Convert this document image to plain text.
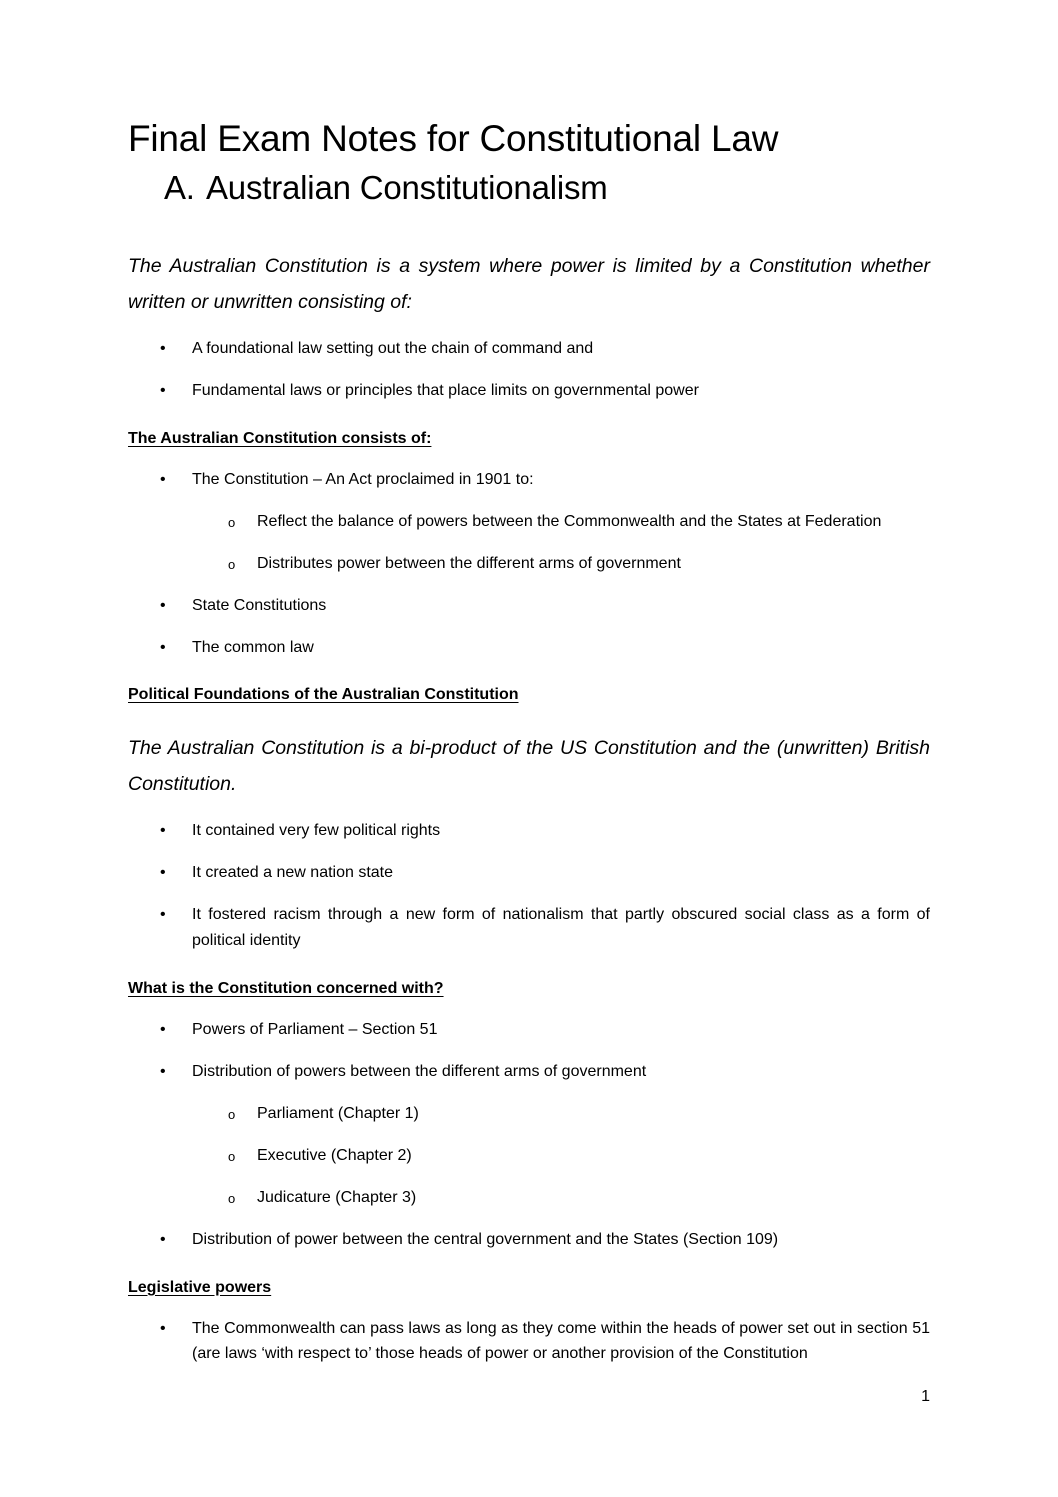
Final Exam Notes for Constitutional Law
A. Australian Constitutionalism

The Australian Constitution is a system where power is limited by a Constitution whether written or unwritten consisting of:

• A foundational law setting out the chain of command and
• Fundamental laws or principles that place limits on governmental power

The Australian Constitution consists of:

• The Constitution – An Act proclaimed in 1901 to:
o Reflect the balance of powers between the Commonwealth and the States at Federation
o Distributes power between the different arms of government
• State Constitutions
• The common law

Political Foundations of the Australian Constitution

The Australian Constitution is a bi-product of the US Constitution and the (unwritten) British Constitution.

• It contained very few political rights
• It created a new nation state
• It fostered racism through a new form of nationalism that partly obscured social class as a form of political identity

What is the Constitution concerned with?

• Powers of Parliament – Section 51
• Distribution of powers between the different arms of government
o Parliament (Chapter 1)
o Executive (Chapter 2)
o Judicature (Chapter 3)
• Distribution of power between the central government and the States (Section 109)

Legislative powers

• The Commonwealth can pass laws as long as they come within the heads of power set out in section 51 (are laws ‘with respect to’ those heads of power or another provision of the Constitution
1
